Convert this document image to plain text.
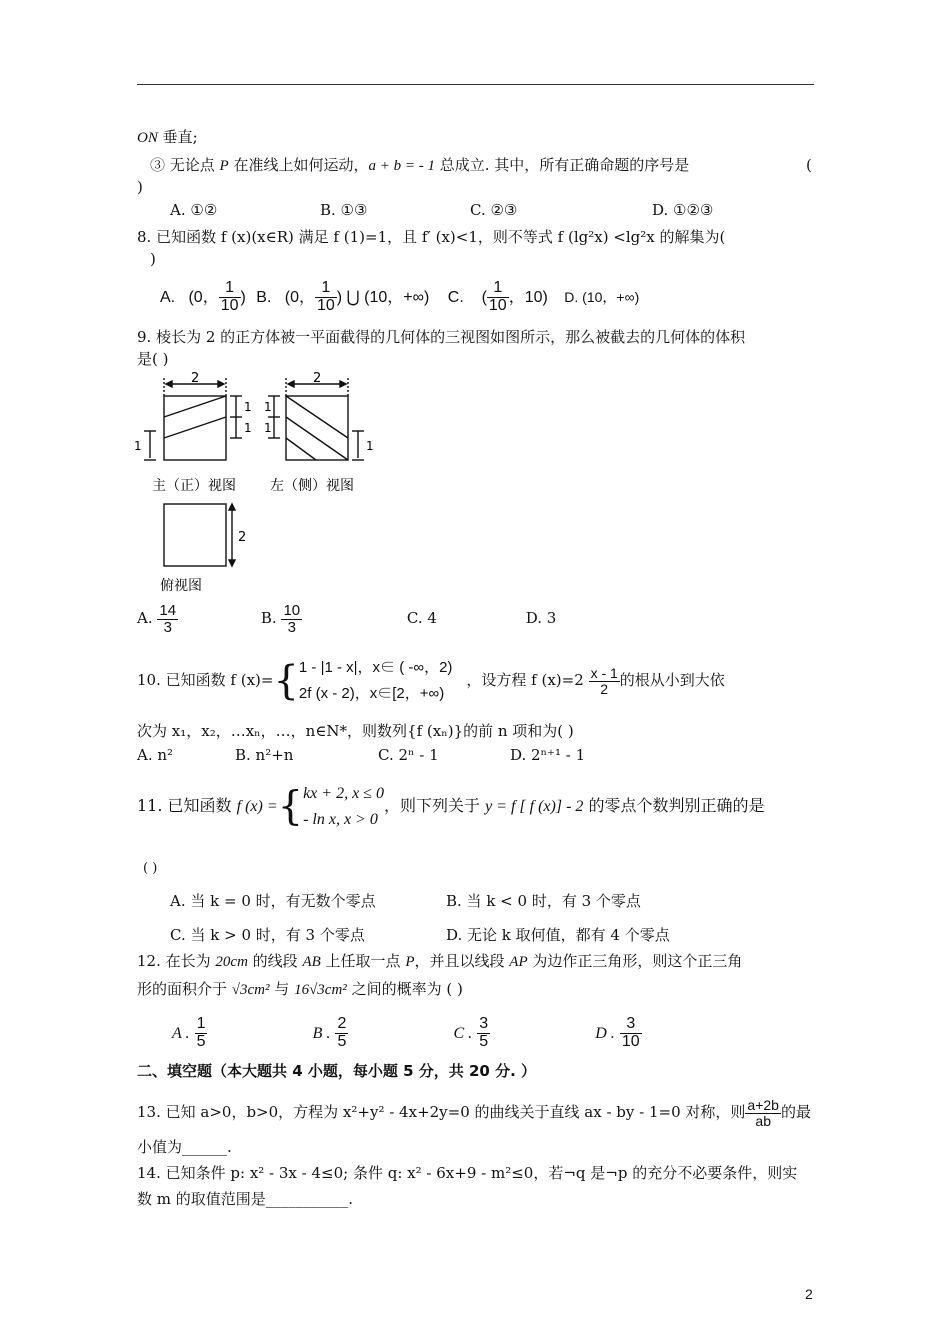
ON 垂直;
③ 无论点 P 在准线上如何运动，a + b = - 1 总成立. 其中，所有正确命题的序号是	(
)
A. ①②	B. ①③	C. ②③	D. ①②③
8. 已知函数 f (x)(x∈R) 满足 f (1)=1，且 f′ (x)<1，则不等式 f (lg²x) <lg²x 的解集为(
)
A. (0， $\frac{1}{10}$ ) B. (0， $\frac{1}{10}$ ) ⋃ (10，+∞) C. ( $\frac{1}{10}$ ，10) D. (10，+∞)
9. 棱长为 2 的正方体被一平面截得的几何体的三视图如图所示，那么被截去的几何体的体积
是( )
2
1
1
1
2
1
1
1
主（正）视图 左（侧）视图
2
俯视图
A. $\frac{14}{3}$	B. $\frac{10}{3}$	C. 4	D. 3
10. 已知函数 f (x)={ 1 - |1 - x|，x∈ ( -∞，2)
2f (x - 2)，x∈[2，+∞)
，设方程 f $(x)=2 \frac{x - 1}{2}$ 的根从小到大依
次为 x₁，x₂，…xₙ，…，n∈N*，则数列{f (xₙ)}的前 n 项和为( )
A. n²	B. n²+n	C. 2ⁿ - 1	D. 2ⁿ⁺¹ - 1
11. 已知函数 f (x) ={ kx + 2, x ≤ 0
- ln x, x > 0
，则下列关于 y = f [ f (x)] - 2 的零点个数判别正确的是
( )
A. 当 k = 0 时，有无数个零点	B. 当 k < 0 时，有 3 个零点
C. 当 k > 0 时，有 3 个零点	D. 无论 k 取何值，都有 4 个零点
12. 在长为 20cm 的线段 AB 上任取一点 P，并且以线段 AP 为边作正三角形，则这个正三角
形的面积介于 √3cm² 与 16√3cm² 之间的概率为 ( )
A . $\frac{1}{5}$	B . $\frac{2}{5}$	C . $\frac{3}{5}$	D . $\frac{3}{10}$
二、填空题（本大题共 4 小题，每小题 5 分，共 20 分. ）
13. 已知 a>0，b>0，方程为 x²+y² - 4x+2y=0 的曲线关于直线 ax - by - 1=0 对称，则 $\frac{a+2b}{ab}$ 的最
小值为______.
14. 已知条件 p: x² - 3x - 4≤0; 条件 q: x² - 6x+9 - m²≤0，若¬q 是¬p 的充分不必要条件，则实
数 m 的取值范围是___________.
2
